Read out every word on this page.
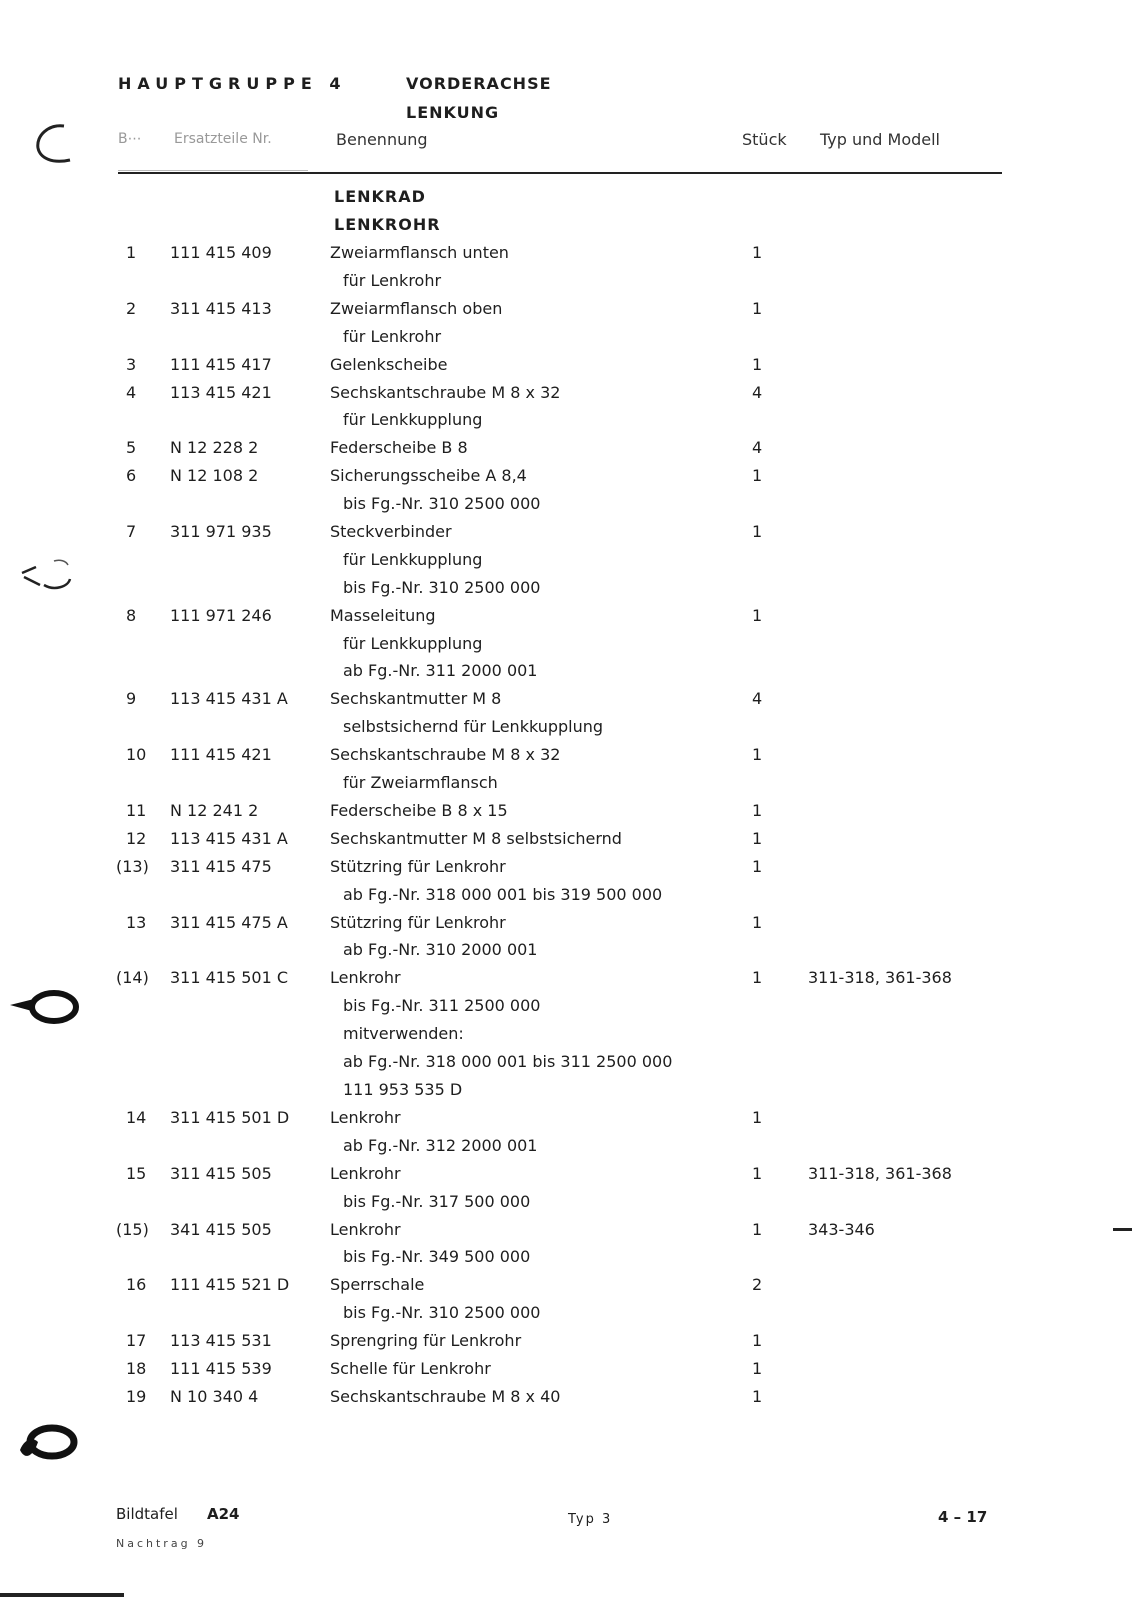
HAUPTGRUPPE 4	VORDERACHSE
LENKUNG
B⋯ Ersatzteile Nr.	Benennung	Stück Typ und Modell
LENKRAD
LENKROHR
1 111 415 409	Zweiarmflansch unten	1
für Lenkrohr
2 311 415 413	Zweiarmflansch oben	1
für Lenkrohr
3 111 415 417	Gelenkscheibe	1
4 113 415 421	Sechskantschraube M 8 x 32	4
für Lenkkupplung
5 N 12 228 2	Federscheibe B 8	4
6 N 12 108 2	Sicherungsscheibe A 8,4	1
bis Fg.-Nr. 310 2500 000
7 311 971 935	Steckverbinder	1
für Lenkkupplung
bis Fg.-Nr. 310 2500 000
8 111 971 246	Masseleitung	1
für Lenkkupplung
ab Fg.-Nr. 311 2000 001
9 113 415 431 A	Sechskantmutter M 8	4
selbstsichernd für Lenkkupplung
10 111 415 421	Sechskantschraube M 8 x 32	1
für Zweiarmflansch
11 N 12 241 2	Federscheibe B 8 x 15	1
12 113 415 431 A	Sechskantmutter M 8 selbstsichernd	1
(13) 311 415 475	Stützring für Lenkrohr	1
ab Fg.-Nr. 318 000 001 bis 319 500 000
13 311 415 475 A	Stützring für Lenkrohr	1
ab Fg.-Nr. 310 2000 001
(14) 311 415 501 C	Lenkrohr	1	311-318, 361-368
bis Fg.-Nr. 311 2500 000
mitverwenden:
ab Fg.-Nr. 318 000 001 bis 311 2500 000
111 953 535 D
14 311 415 501 D	Lenkrohr	1
ab Fg.-Nr. 312 2000 001
15 311 415 505	Lenkrohr	1	311-318, 361-368
bis Fg.-Nr. 317 500 000
(15) 341 415 505	Lenkrohr	1	343-346
bis Fg.-Nr. 349 500 000
16 111 415 521 D	Sperrschale	2
bis Fg.-Nr. 310 2500 000
17 113 415 531	Sprengring für Lenkrohr	1
18 111 415 539	Schelle für Lenkrohr	1
19 N 10 340 4	Sechskantschraube M 8 x 40	1
Bildtafel A24
Nachtrag 9
Typ 3	4 – 17
